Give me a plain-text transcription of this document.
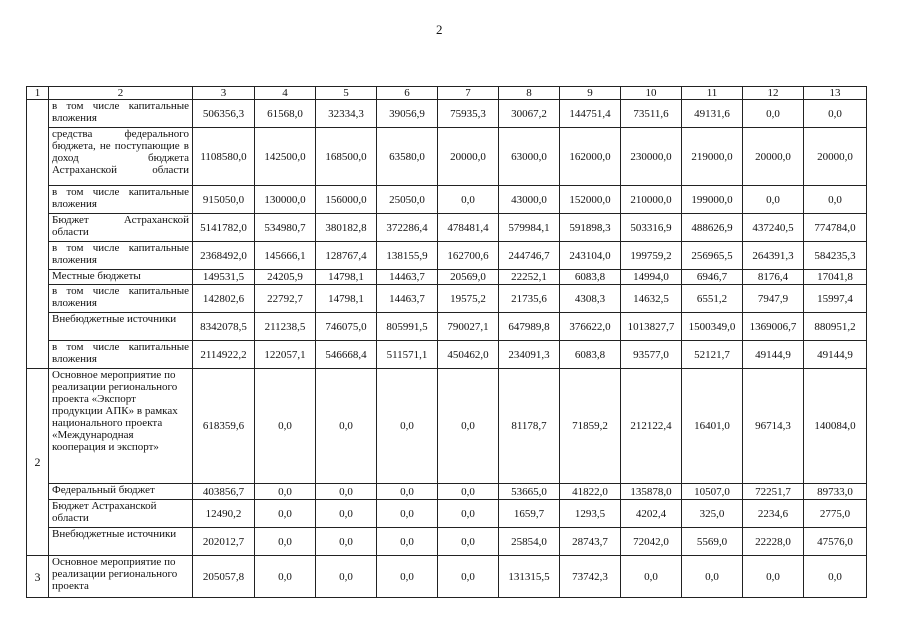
2
1	2	3	4	5	6	7	8	9	10	11	12	13
	в том числе капитальные вложения	506356,3	61568,0	32334,3	39056,9	75935,3	30067,2	144751,4	73511,6	49131,6	0,0	0,0
	средства федерального бюджета, не поступающие в доход бюджета Астраханской области	1108580,0	142500,0	168500,0	63580,0	20000,0	63000,0	162000,0	230000,0	219000,0	20000,0	20000,0
	в том числе капитальные вложения	915050,0	130000,0	156000,0	25050,0	0,0	43000,0	152000,0	210000,0	199000,0	0,0	0,0
	Бюджет Астраханской области	5141782,0	534980,7	380182,8	372286,4	478481,4	579984,1	591898,3	503316,9	488626,9	437240,5	774784,0
	в том числе капитальные вложения	2368492,0	145666,1	128767,4	138155,9	162700,6	244746,7	243104,0	199759,2	256965,5	264391,3	584235,3
	Местные бюджеты	149531,5	24205,9	14798,1	14463,7	20569,0	22252,1	6083,8	14994,0	6946,7	8176,4	17041,8
	в том числе капитальные вложения	142802,6	22792,7	14798,1	14463,7	19575,2	21735,6	4308,3	14632,5	6551,2	7947,9	15997,4
	Внебюджетные источники	8342078,5	211238,5	746075,0	805991,5	790027,1	647989,8	376622,0	1013827,7	1500349,0	1369006,7	880951,2
	в том числе капитальные вложения	2114922,2	122057,1	546668,4	511571,1	450462,0	234091,3	6083,8	93577,0	52121,7	49144,9	49144,9
2	Основное мероприятие по реализации регионального проекта «Экспорт продукции АПК» в рамках национального проекта «Международная кооперация и экспорт»	618359,6	0,0	0,0	0,0	0,0	81178,7	71859,2	212122,4	16401,0	96714,3	140084,0
	Федеральный бюджет	403856,7	0,0	0,0	0,0	0,0	53665,0	41822,0	135878,0	10507,0	72251,7	89733,0
	Бюджет Астраханской области	12490,2	0,0	0,0	0,0	0,0	1659,7	1293,5	4202,4	325,0	2234,6	2775,0
	Внебюджетные источники	202012,7	0,0	0,0	0,0	0,0	25854,0	28743,7	72042,0	5569,0	22228,0	47576,0
3	Основное мероприятие по реализации регионального проекта	205057,8	0,0	0,0	0,0	0,0	131315,5	73742,3	0,0	0,0	0,0	0,0
